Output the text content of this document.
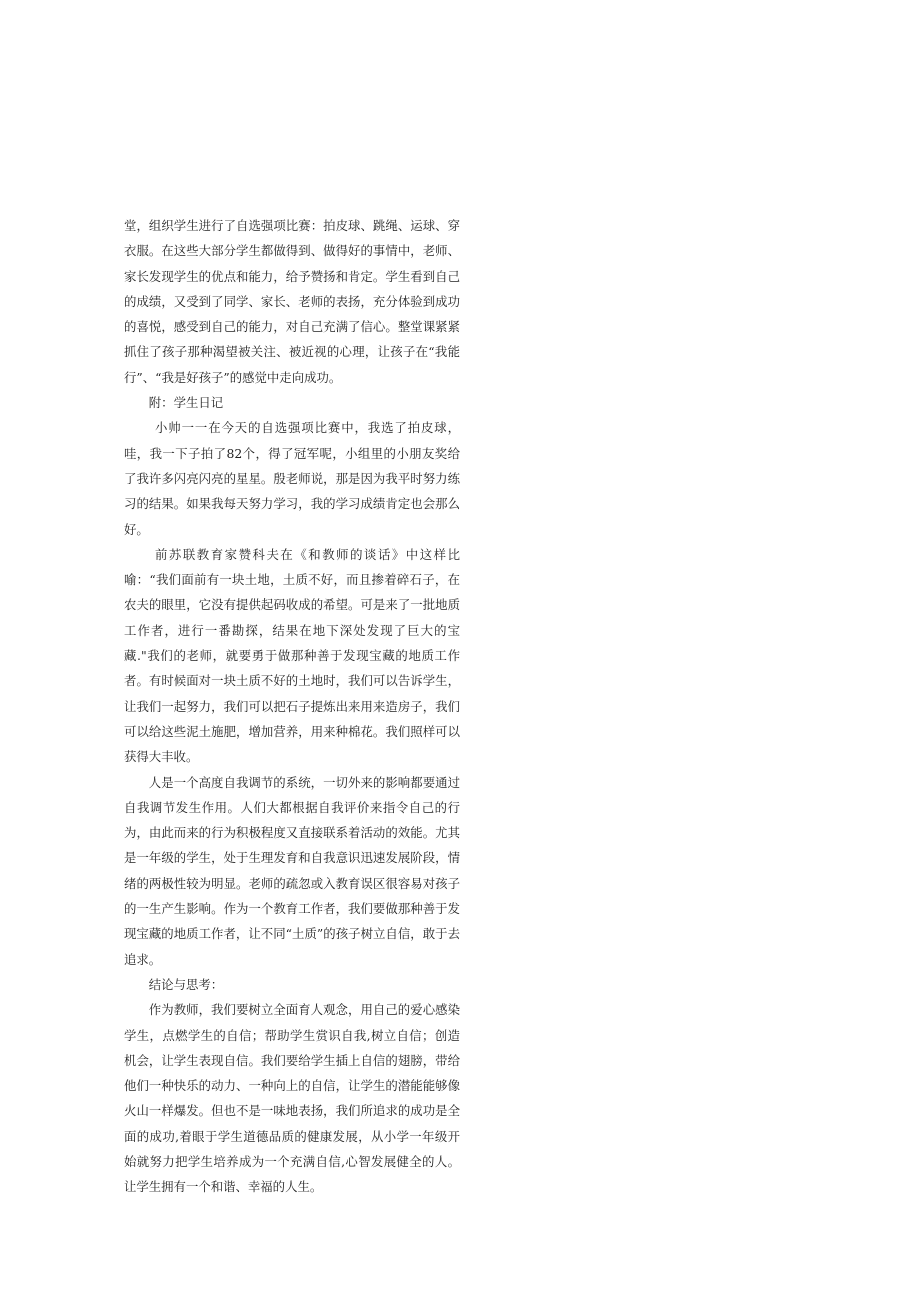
堂，组织学生进行了自选强项比赛：拍皮球、跳绳、运球、穿衣服。在这些大部分学生都做得到、做得好的事情中，老师、家长发现学生的优点和能力，给予赞扬和肯定。学生看到自己的成绩，又受到了同学、家长、老师的表扬，充分体验到成功的喜悦，感受到自己的能力，对自己充满了信心。整堂课紧紧抓住了孩子那种渴望被关注、被近视的心理，让孩子在“我能行”、“我是好孩子”的感觉中走向成功。

附：学生日记

小帅一一在今天的自选强项比赛中，我选了拍皮球，哇，我一下子拍了82个，得了冠军呢，小组里的小朋友奖给了我许多闪亮闪亮的星星。殷老师说，那是因为我平时努力练习的结果。如果我每天努力学习，我的学习成绩肯定也会那么好。

前苏联教育家赞科夫在《和教师的谈话》中这样比喻：“我们面前有一块土地，土质不好，而且掺着碎石子，在农夫的眼里，它没有提供起码收成的希望。可是来了一批地质工作者，进行一番勘探，结果在地下深处发现了巨大的宝藏."我们的老师，就要勇于做那种善于发现宝藏的地质工作者。有时候面对一块土质不好的土地时，我们可以告诉学生，让我们一起努力，我们可以把石子提炼出来用来造房子，我们可以给这些泥土施肥，增加营养，用来种棉花。我们照样可以获得大丰收。

人是一个高度自我调节的系统，一切外来的影响都要通过自我调节发生作用。人们大都根据自我评价来指令自己的行为，由此而来的行为积极程度又直接联系着活动的效能。尤其是一年级的学生，处于生理发育和自我意识迅速发展阶段，情绪的两极性较为明显。老师的疏忽或入教育误区很容易对孩子的一生产生影响。作为一个教育工作者，我们要做那种善于发现宝藏的地质工作者，让不同“土质”的孩子树立自信，敢于去追求。

结论与思考：

作为教师，我们要树立全面育人观念，用自己的爱心感染学生，点燃学生的自信；帮助学生赏识自我,树立自信；创造机会，让学生表现自信。我们要给学生插上自信的翅膀，带给他们一种快乐的动力、一种向上的自信，让学生的潜能能够像火山一样爆发。但也不是一味地表扬，我们所追求的成功是全面的成功,着眼于学生道德品质的健康发展，从小学一年级开始就努力把学生培养成为一个充满自信,心智发展健全的人。让学生拥有一个和谐、幸福的人生。
